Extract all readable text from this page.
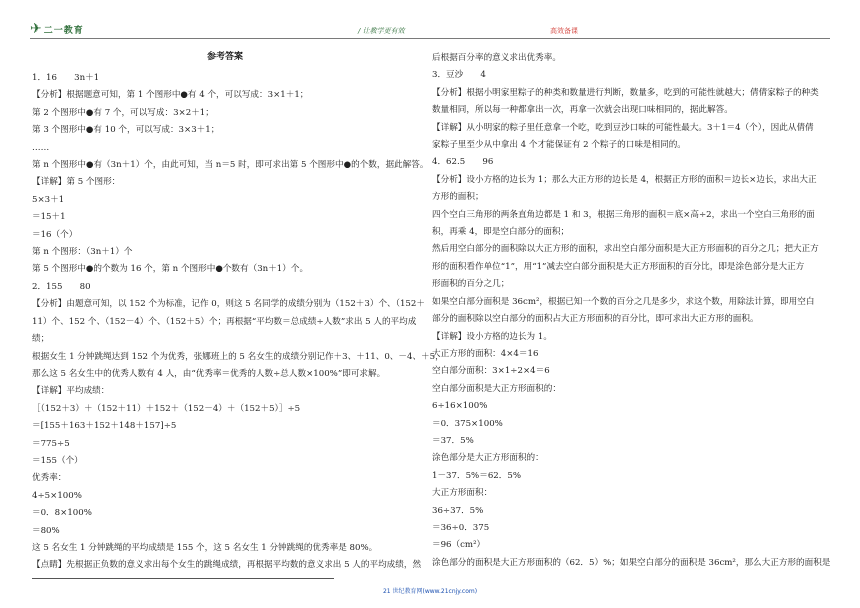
✈ 二一教育	/ 让教学更有效	高效备课
参考答案
1．16　　3n＋1
【分析】根据题意可知，第 1 个图形中●有 4 个，可以写成：3×1＋1；
第 2 个图形中●有 7 个，可以写成：3×2＋1；
第 3 个图形中●有 10 个，可以写成：3×3＋1；
……
第 n 个图形中●有（3n＋1）个，由此可知，当 n＝5 时，即可求出第 5 个图形中●的个数，据此解答。
【详解】第 5 个图形：
5×3＋1
＝15＋1
＝16（个）
第 n 个图形：（3n＋1）个
第 5 个图形中●的个数为 16 个，第 n 个图形中●个数有（3n＋1）个。
2．155　　80
【分析】由题意可知，以 152 个为标准，记作 0，则这 5 名同学的成绩分别为（152＋3）个、（152＋
11）个、152 个、（152－4）个、（152＋5）个；再根据“平均数＝总成绩÷人数”求出 5 人的平均成
绩；
根据女生 1 分钟跳绳达到 152 个为优秀，张娜班上的 5 名女生的成绩分别记作＋3、＋11、0、－4、＋5，
那么这 5 名女生中的优秀人数有 4 人，由“优秀率＝优秀的人数÷总人数×100%”即可求解。
【详解】平均成绩：
［（152＋3）＋（152＋11）＋152＋（152－4）＋（152＋5）］÷5
＝[155＋163＋152＋148＋157]÷5
＝775÷5
＝155（个）
优秀率：
4÷5×100%
＝0．8×100%
＝80%
这 5 名女生 1 分钟跳绳的平均成绩是 155 个，这 5 名女生 1 分钟跳绳的优秀率是 80%。
【点睛】先根据正负数的意义求出每个女生的跳绳成绩，再根据平均数的意义求出 5 人的平均成绩，然
后根据百分率的意义求出优秀率。
3．豆沙　　4
【分析】根据小明家里粽子的种类和数量进行判断，数量多，吃到的可能性就越大；倩倩家粽子的种类
数量相同，所以每一种都拿出一次，再拿一次就会出现口味相同的，据此解答。
【详解】从小明家的粽子里任意拿一个吃，吃到豆沙口味的可能性最大。3＋1＝4（个），因此从倩倩
家粽子里至少从中拿出 4 个才能保证有 2 个粽子的口味是相同的。
4．62.5　　96
【分析】设小方格的边长为 1；那么大正方形的边长是 4，根据正方形的面积＝边长×边长，求出大正
方形的面积；
四个空白三角形的两条直角边都是 1 和 3，根据三角形的面积＝底×高÷2，求出一个空白三角形的面
积，再乘 4，即是空白部分的面积；
然后用空白部分的面积除以大正方形的面积，求出空白部分面积是大正方形面积的百分之几；把大正方
形的面积看作单位“1”，用“1”减去空白部分面积是大正方形面积的百分比，即是涂色部分是大正方
形面积的百分之几；
如果空白部分面积是 36cm²，根据已知一个数的百分之几是多少，求这个数，用除法计算，即用空白
部分的面积除以空白部分的面积占大正方形面积的百分比，即可求出大正方形的面积。
【详解】设小方格的边长为 1。
大正方形的面积：4×4＝16
空白部分面积：3×1÷2×4＝6
空白部分面积是大正方形面积的：
6÷16×100%
＝0．375×100%
＝37．5%
涂色部分是大正方形面积的：
1－37．5%＝62．5%
大正方形面积：
36÷37．5%
＝36÷0．375
＝96（cm²）
涂色部分的面积是大正方形面积的（62．5）%；如果空白部分的面积是 36cm²，那么大正方形的面积是
21 世纪教育网(www.21cnjy.com)
